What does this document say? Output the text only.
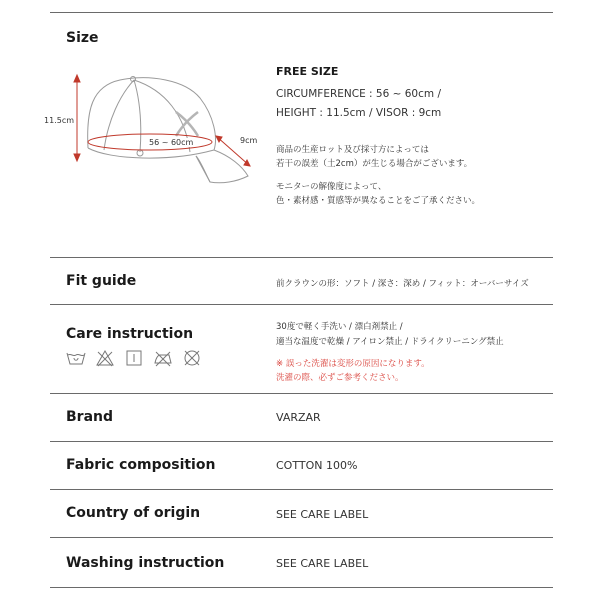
Size
11.5cm
56 ~ 60cm	9cm
FREE SIZE
CIRCUMFERENCE : 56 ~ 60cm /
HEIGHT : 11.5cm / VISOR : 9cm
商品の生産ロット及び採寸方によっては
若干の誤差（土2cm）が生じる場合がございます。
モニターの解像度によって、
色・素材感・質感等が異なることをご了承ください。
Fit guide	前クラウンの形：ソフト / 深さ：深め / フィット：オーバーサイズ
Care instruction	30度で軽く手洗い / 漂白剤禁止 /
適当な温度で乾燥 / アイロン禁止 / ドライクリーニング禁止
※ 誤った洗濯は変形の原因になります。
洗濯の際、必ずご参考ください。
Brand	VARZAR
Fabric composition	COTTON 100%
Country of origin	SEE CARE LABEL
Washing instruction	SEE CARE LABEL
